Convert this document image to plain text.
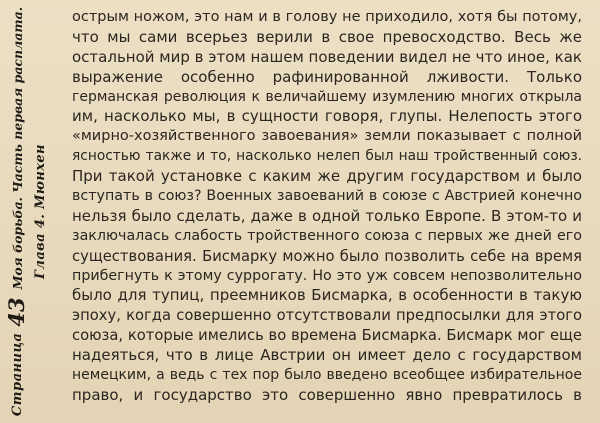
Страница
43
Моя борьба. Часть первая расплата. Глава 4. Мюнхен
острым ножом, это нам и в голову не приходило, хотя бы потому,
что мы сами всерьез верили в свое превосходство. Весь же
остальной мир в этом нашем поведении видел не что иное, как
выражение особенно рафинированной лживости. Только
германская революция к величайшему изумлению многих открыла
им, насколько мы, в сущности говоря, глупы. Нелепость этого
«мирно-хозяйственного завоевания» земли показывает с полной
ясностью также и то, насколько нелеп был наш тройственный союз.
При такой установке с каким же другим государством и было
вступать в союз? Военных завоеваний в союзе с Австрией конечно
нельзя было сделать, даже в одной только Европе. В этом-то и
заключалась слабость тройственного союза с первых же дней его
существования. Бисмарку можно было позволить себе на время
прибегнуть к этому суррогату. Но это уж совсем непозволительно
было для тупиц, преемников Бисмарка, в особенности в такую
эпоху, когда совершенно отсутствовали предпосылки для этого
союза, которые имелись во времена Бисмарка. Бисмарк мог еще
надеяться, что в лице Австрии он имеет дело с государством
немецким, а ведь с тех пор было введено всеобщее избирательное
право, и государство это совершенно явно превратилось в
